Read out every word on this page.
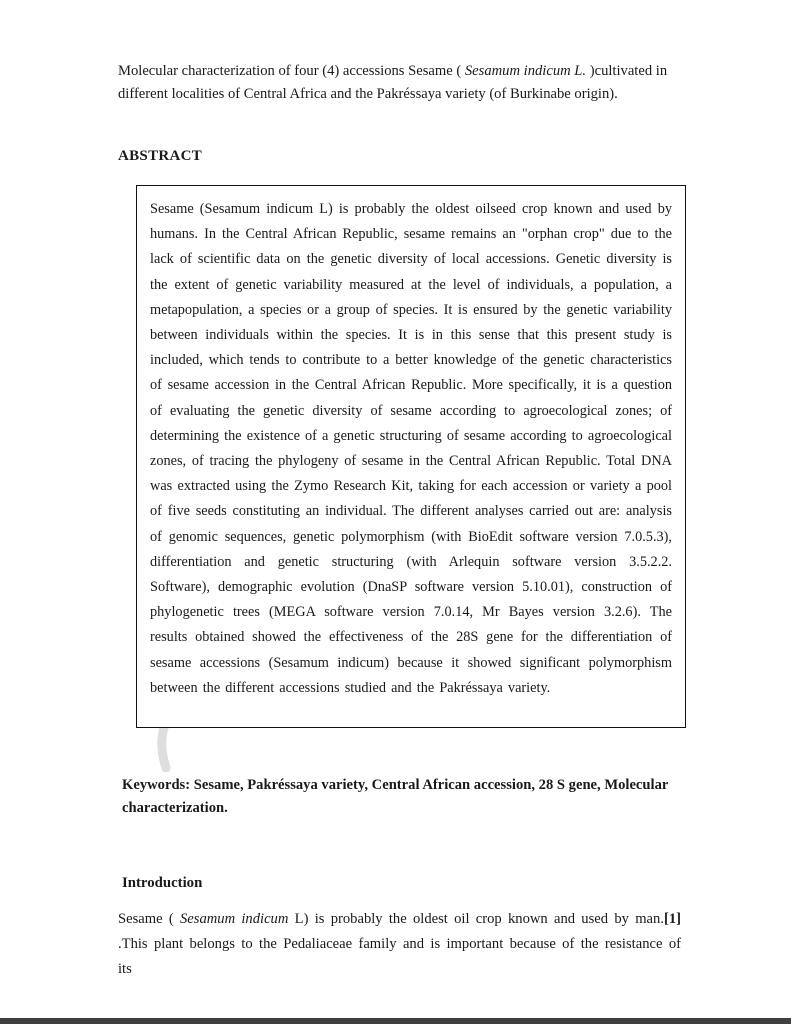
Molecular characterization of four (4) accessions Sesame ( Sesamum indicum L. )cultivated in different localities of Central Africa and the Pakréssaya variety (of Burkinabe origin).

ABSTRACT

Sesame (Sesamum indicum L) is probably the oldest oilseed crop known and used by humans. In the Central African Republic, sesame remains an "orphan crop" due to the lack of scientific data on the genetic diversity of local accessions. Genetic diversity is the extent of genetic variability measured at the level of individuals, a population, a metapopulation, a species or a group of species. It is ensured by the genetic variability between individuals within the species. It is in this sense that this present study is included, which tends to contribute to a better knowledge of the genetic characteristics of sesame accession in the Central African Republic. More specifically, it is a question of evaluating the genetic diversity of sesame according to agroecological zones; of determining the existence of a genetic structuring of sesame according to agroecological zones, of tracing the phylogeny of sesame in the Central African Republic. Total DNA was extracted using the Zymo Research Kit, taking for each accession or variety a pool of five seeds constituting an individual. The different analyses carried out are: analysis of genomic sequences, genetic polymorphism (with BioEdit software version 7.0.5.3), differentiation and genetic structuring (with Arlequin software version 3.5.2.2. Software), demographic evolution (DnaSP software version 5.10.01), construction of phylogenetic trees (MEGA software version 7.0.14, Mr Bayes version 3.2.6). The results obtained showed the effectiveness of the 28S gene for the differentiation of sesame accessions (Sesamum indicum) because it showed significant polymorphism between the different accessions studied and the Pakréssaya variety.

Keywords: Sesame, Pakréssaya variety, Central African accession, 28 S gene, Molecular characterization.

Introduction

Sesame ( Sesamum indicum L) is probably the oldest oil crop known and used by man.[1] .This plant belongs to the Pedaliaceae family and is important because of the resistance of its
